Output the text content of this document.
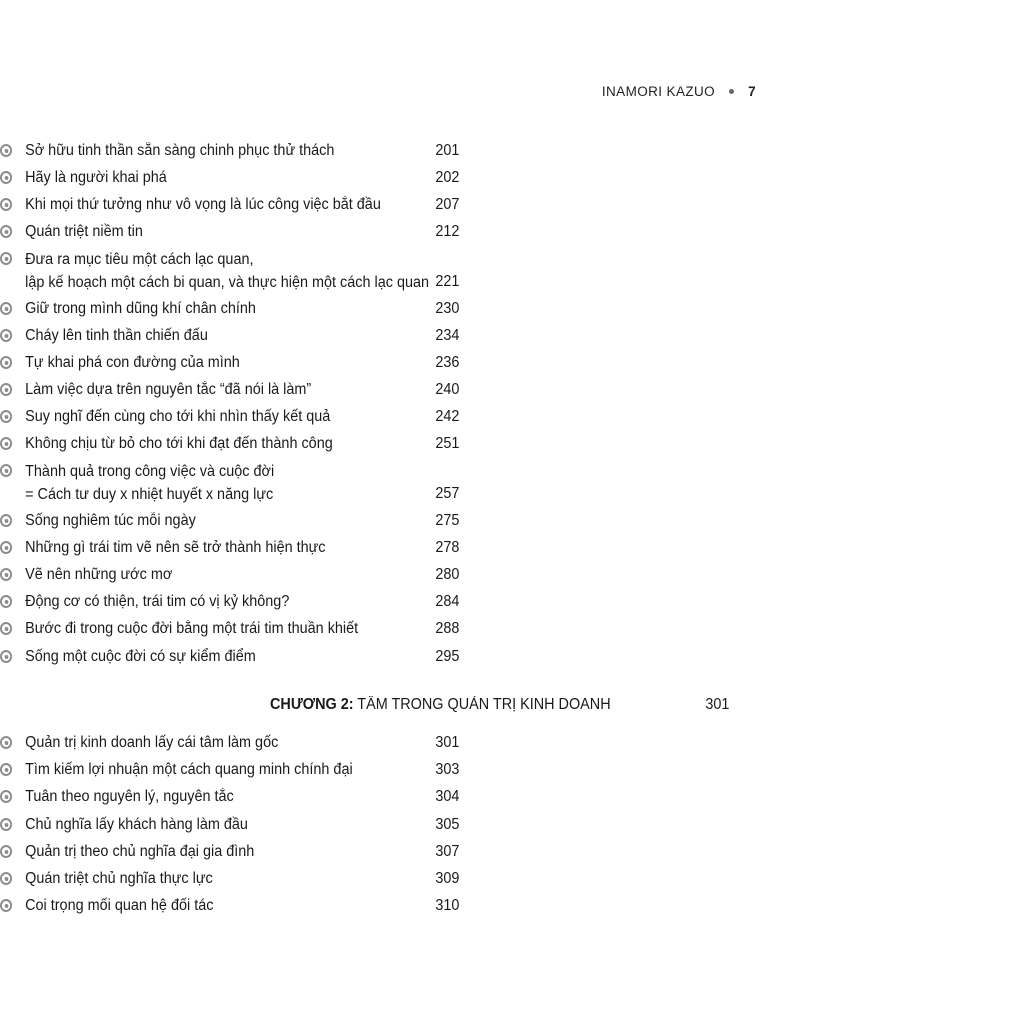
INAMORI KAZUO 7
Sở hữu tinh thần sẵn sàng chinh phục thử thách	201
Hãy là người khai phá	202
Khi mọi thứ tưởng như vô vọng là lúc công việc bắt đầu	207
Quán triệt niềm tin	212
Đưa ra mục tiêu một cách lạc quan,
lập kế hoạch một cách bi quan, và thực hiện một cách lạc quan 221
Giữ trong mình dũng khí chân chính	230
Cháy lên tinh thần chiến đấu	234
Tự khai phá con đường của mình	236
Làm việc dựa trên nguyên tắc “đã nói là làm”	240
Suy nghĩ đến cùng cho tới khi nhìn thấy kết quả	242
Không chịu từ bỏ cho tới khi đạt đến thành công	251
Thành quả trong công việc và cuộc đời
= Cách tư duy x nhiệt huyết x năng lực	257
Sống nghiêm túc mỗi ngày	275
Những gì trái tim vẽ nên sẽ trở thành hiện thực	278
Vẽ nên những ước mơ	280
Động cơ có thiện, trái tim có vị kỷ không?	284
Bước đi trong cuộc đời bằng một trái tim thuần khiết	288
Sống một cuộc đời có sự kiểm điểm	295
CHƯƠNG 2: TÂM TRONG QUẢN TRỊ KINH DOANH	301
Quản trị kinh doanh lấy cái tâm làm gốc	301
Tìm kiếm lợi nhuận một cách quang minh chính đại	303
Tuân theo nguyên lý, nguyên tắc	304
Chủ nghĩa lấy khách hàng làm đầu	305
Quản trị theo chủ nghĩa đại gia đình	307
Quán triệt chủ nghĩa thực lực	309
Coi trọng mối quan hệ đối tác	310
